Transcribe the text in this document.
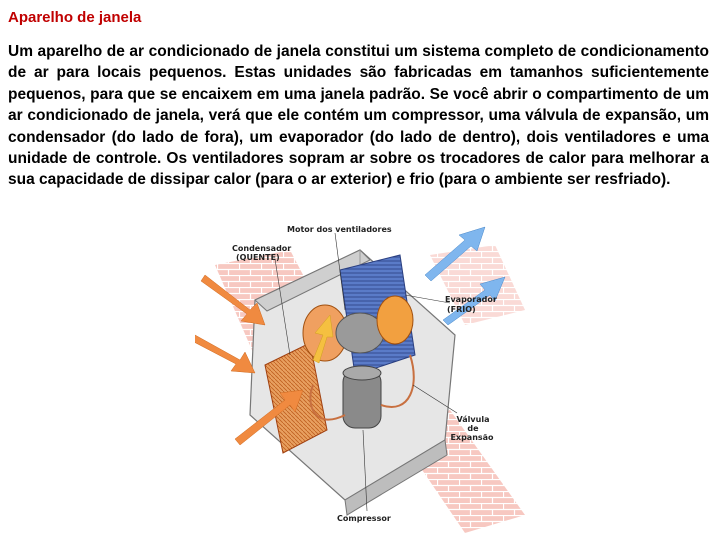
Aparelho de janela

Um aparelho de ar condicionado de janela constitui um sistema completo de condicionamento de ar para locais pequenos. Estas unidades são fabricadas em tamanhos suficientemente pequenos, para que se encaixem em uma janela padrão. Se você abrir o compartimento de um ar condicionado de janela, verá que ele contém um compressor, uma válvula de expansão, um condensador (do lado de fora), um evaporador (do lado de dentro), dois ventiladores e uma unidade de controle. Os ventiladores sopram ar sobre os trocadores de calor para melhorar a sua capacidade de dissipar calor (para o ar exterior) e frio (para o ambiente ser resfriado).

Motor dos ventiladores
Condensador
(QUENTE)
Evaporador
(FRIO)
Válvula
de
Expansão
Compressor
